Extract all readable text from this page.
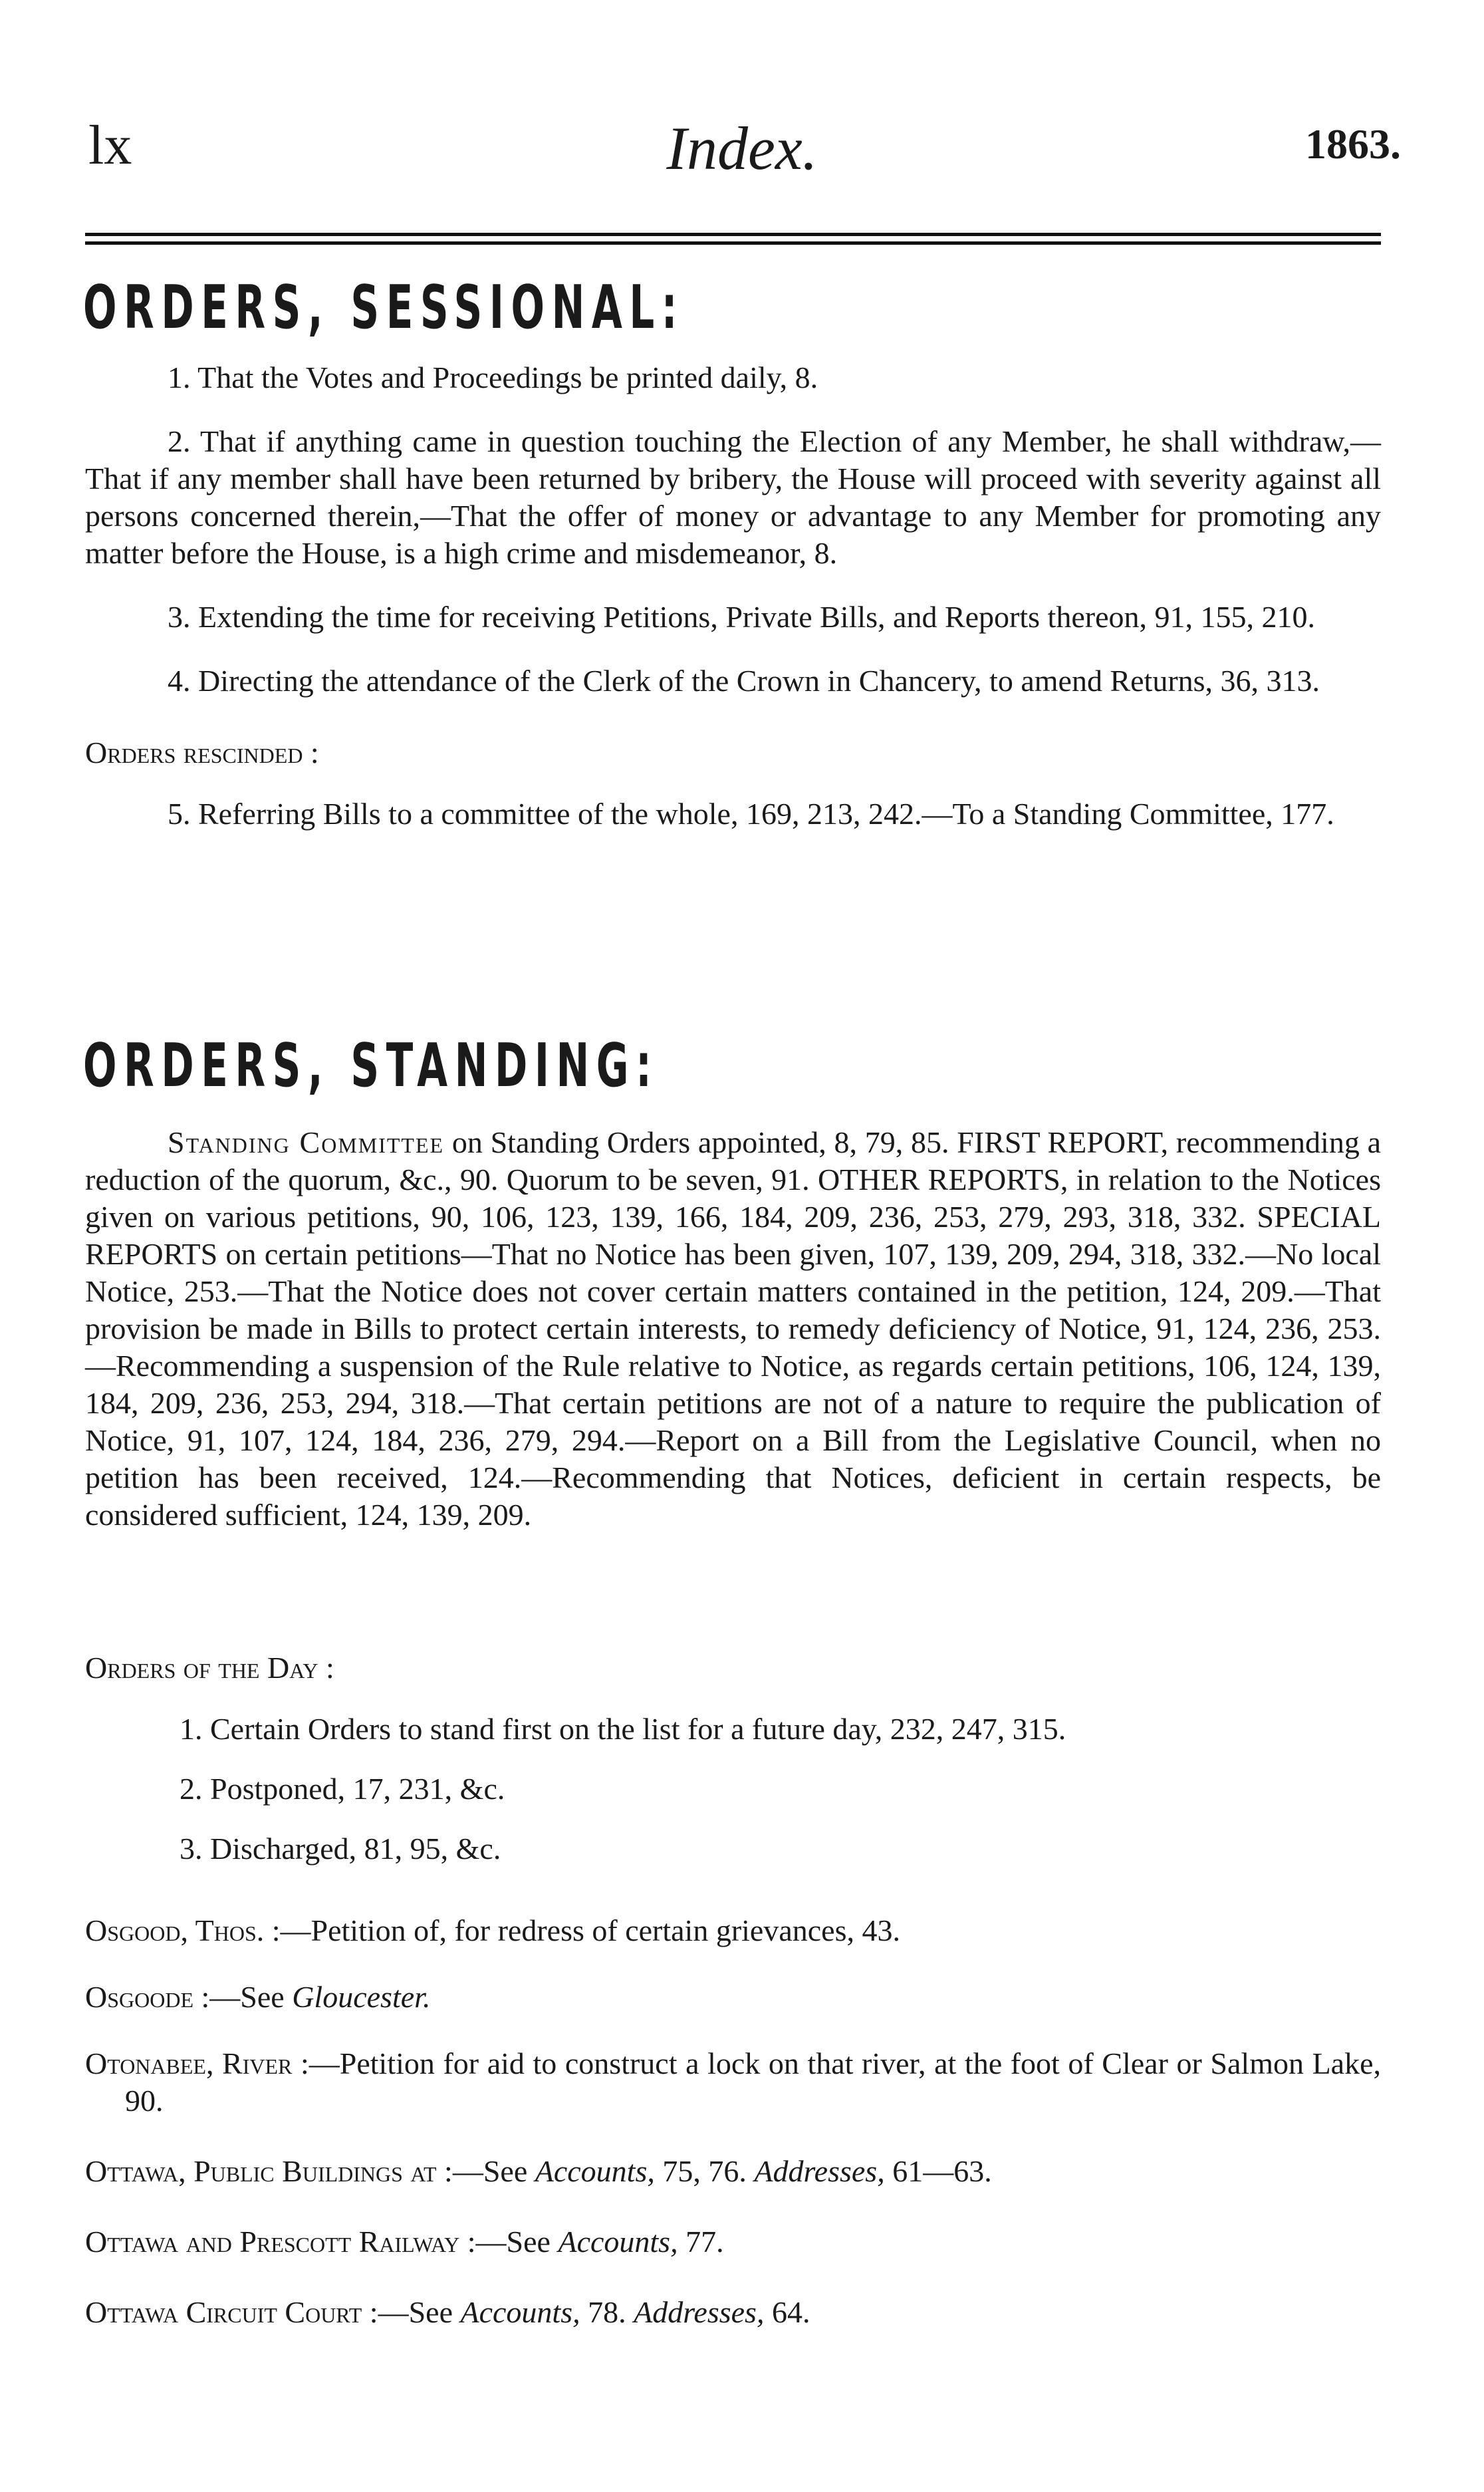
lx	Index.	1863.
ORDERS, SESSIONAL:

1. That the Votes and Proceedings be printed daily, 8.

2. That if anything came in question touching the Election of any Member, he shall withdraw,—That if any member shall have been returned by bribery, the House will proceed with severity against all persons concerned therein,—That the offer of money or advantage to any Member for promoting any matter before the House, is a high crime and misdemeanor, 8.

3. Extending the time for receiving Petitions, Private Bills, and Reports thereon, 91, 155, 210.

4. Directing the attendance of the Clerk of the Crown in Chancery, to amend Returns, 36, 313.

Orders rescinded :

5. Referring Bills to a committee of the whole, 169, 213, 242.—To a Standing Committee, 177.

ORDERS, STANDING:

Standing Committee on Standing Orders appointed, 8, 79, 85. FIRST REPORT, recommending a reduction of the quorum, &c., 90. Quorum to be seven, 91. OTHER REPORTS, in relation to the Notices given on various petitions, 90, 106, 123, 139, 166, 184, 209, 236, 253, 279, 293, 318, 332. SPECIAL REPORTS on certain petitions—That no Notice has been given, 107, 139, 209, 294, 318, 332.—No local Notice, 253.—That the Notice does not cover certain matters contained in the petition, 124, 209.—That provision be made in Bills to protect certain interests, to remedy deficiency of Notice, 91, 124, 236, 253.—Recommending a suspension of the Rule relative to Notice, as regards certain petitions, 106, 124, 139, 184, 209, 236, 253, 294, 318.—That certain petitions are not of a nature to require the publication of Notice, 91, 107, 124, 184, 236, 279, 294.—Report on a Bill from the Legislative Council, when no petition has been received, 124.—Recommending that Notices, deficient in certain respects, be considered sufficient, 124, 139, 209.

Orders of the Day :

1. Certain Orders to stand first on the list for a future day, 232, 247, 315.

2. Postponed, 17, 231, &c.

3. Discharged, 81, 95, &c.

Osgood, Thos. :—Petition of, for redress of certain grievances, 43.

Osgoode :—See Gloucester.

Otonabee, River :—Petition for aid to construct a lock on that river, at the foot of Clear or Salmon Lake, 90.

Ottawa, Public Buildings at :—See Accounts, 75, 76. Addresses, 61—63.

Ottawa and Prescott Railway :—See Accounts, 77.

Ottawa Circuit Court :—See Accounts, 78. Addresses, 64.
